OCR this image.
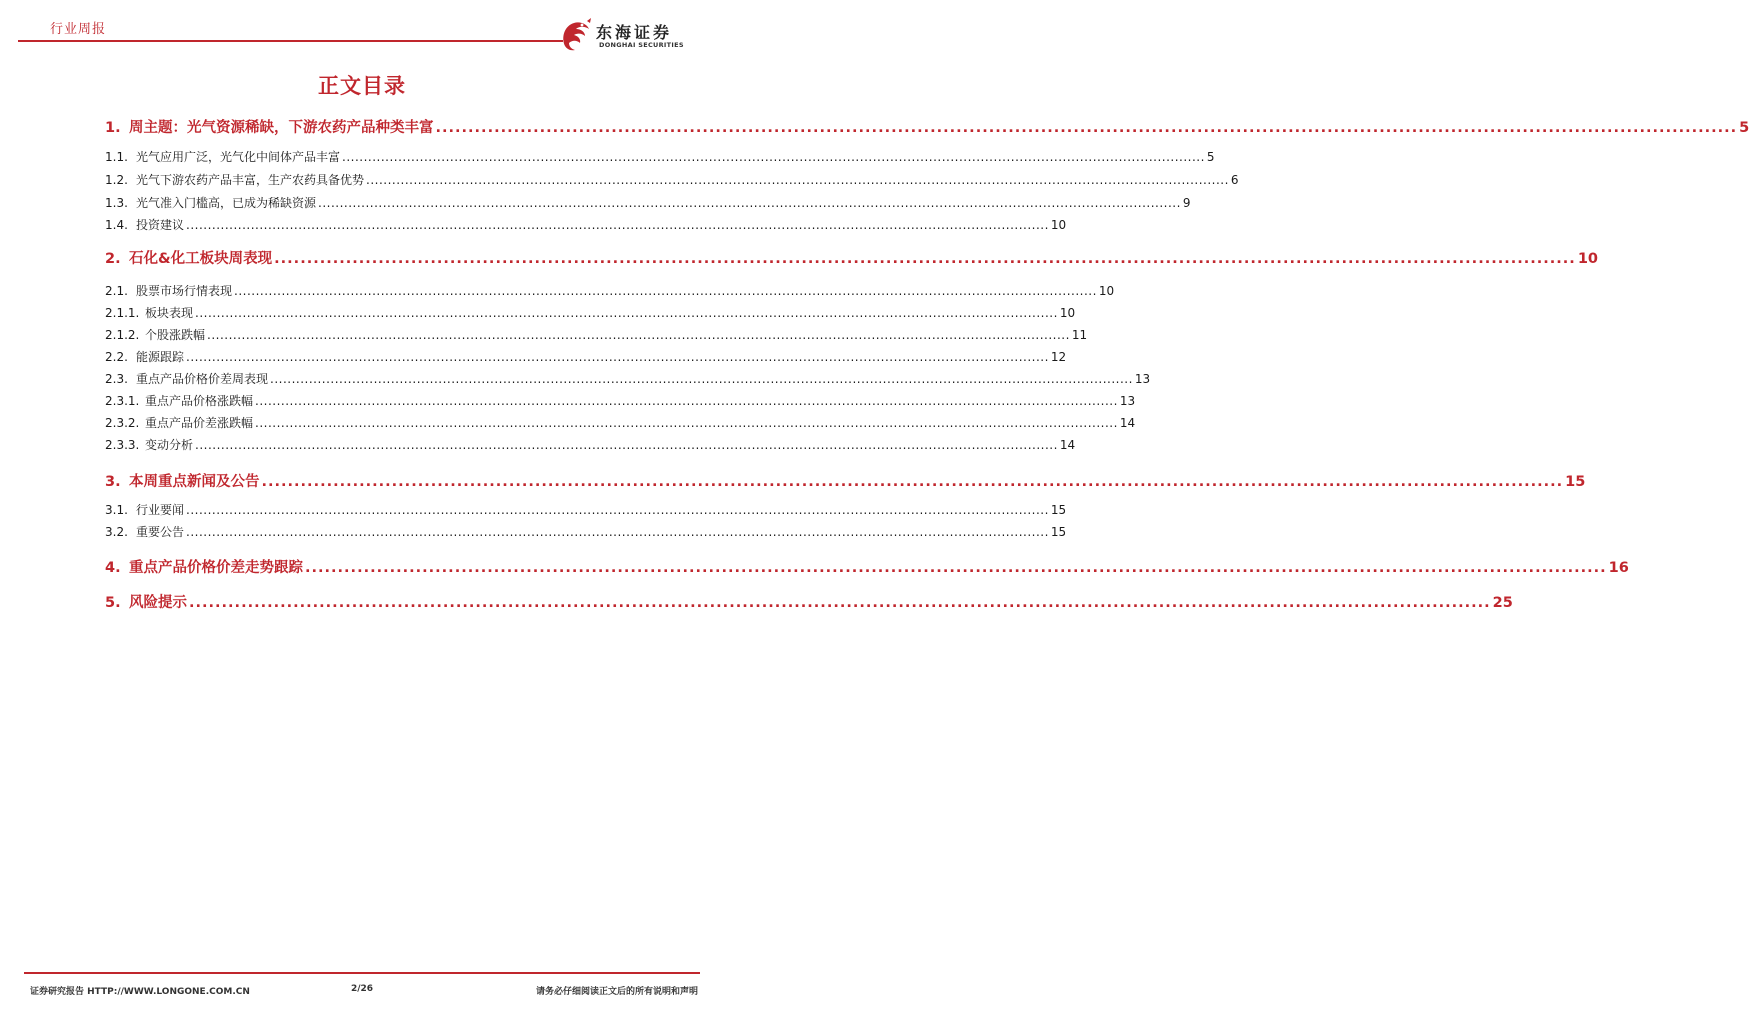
行业周报	东海证券
DONGHAI SECURITIES
正文目录
1. 周主题：光气资源稀缺，下游农药产品种类丰富 ........................................................................................................................................................................................................ 5
1.1. 光气应用广泛，光气化中间体产品丰富 ........................................................................................................................................................................................................ 5
1.2. 光气下游农药产品丰富，生产农药具备优势 ........................................................................................................................................................................................................ 6
1.3. 光气准入门槛高，已成为稀缺资源 ........................................................................................................................................................................................................ 9
1.4. 投资建议 ........................................................................................................................................................................................................ 10
2. 石化&化工板块周表现 ........................................................................................................................................................................................................ 10
2.1. 股票市场行情表现 ........................................................................................................................................................................................................ 10
2.1.1. 板块表现 ........................................................................................................................................................................................................ 10
2.1.2. 个股涨跌幅 ........................................................................................................................................................................................................ 11
2.2. 能源跟踪 ........................................................................................................................................................................................................ 12
2.3. 重点产品价格价差周表现 ........................................................................................................................................................................................................ 13
2.3.1. 重点产品价格涨跌幅 ........................................................................................................................................................................................................ 13
2.3.2. 重点产品价差涨跌幅 ........................................................................................................................................................................................................ 14
2.3.3. 变动分析 ........................................................................................................................................................................................................ 14
3. 本周重点新闻及公告 ........................................................................................................................................................................................................ 15
3.1. 行业要闻 ........................................................................................................................................................................................................ 15
3.2. 重要公告 ........................................................................................................................................................................................................ 15
4. 重点产品价格价差走势跟踪 ........................................................................................................................................................................................................ 16
5. 风险提示 ........................................................................................................................................................................................................ 25
证券研究报告 HTTP://WWW.LONGONE.COM.CN	2/26	请务必仔细阅读正文后的所有说明和声明
